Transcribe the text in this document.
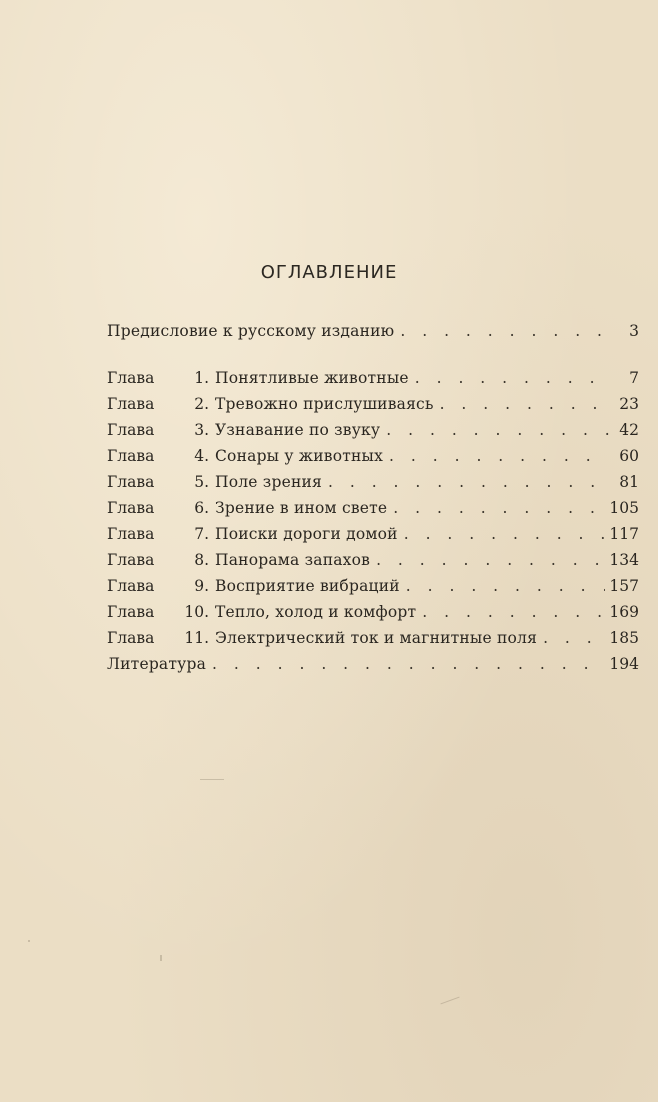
ОГЛАВЛЕНИЕ
Предисловие к русскому изданию . . .	3
Глава	1. Понятливые животные . . .	7
Глава	2. Тревожно прислушиваясь . . .	23
Глава	3. Узнавание по звуку . . .	42
Глава	4. Сонары у животных . . .	60
Глава	5. Поле зрения . . .	81
Глава	6. Зрение в ином свете . . .	105
Глава	7. Поиски дороги домой . . .	117
Глава	8. Панорама запахов . . .	134
Глава	9. Восприятие вибраций . . .	157
Глава	10. Тепло, холод и комфорт . . .	169
Глава	11. Электрический ток и магнитные поля . . .	185
Литература . . .	194
